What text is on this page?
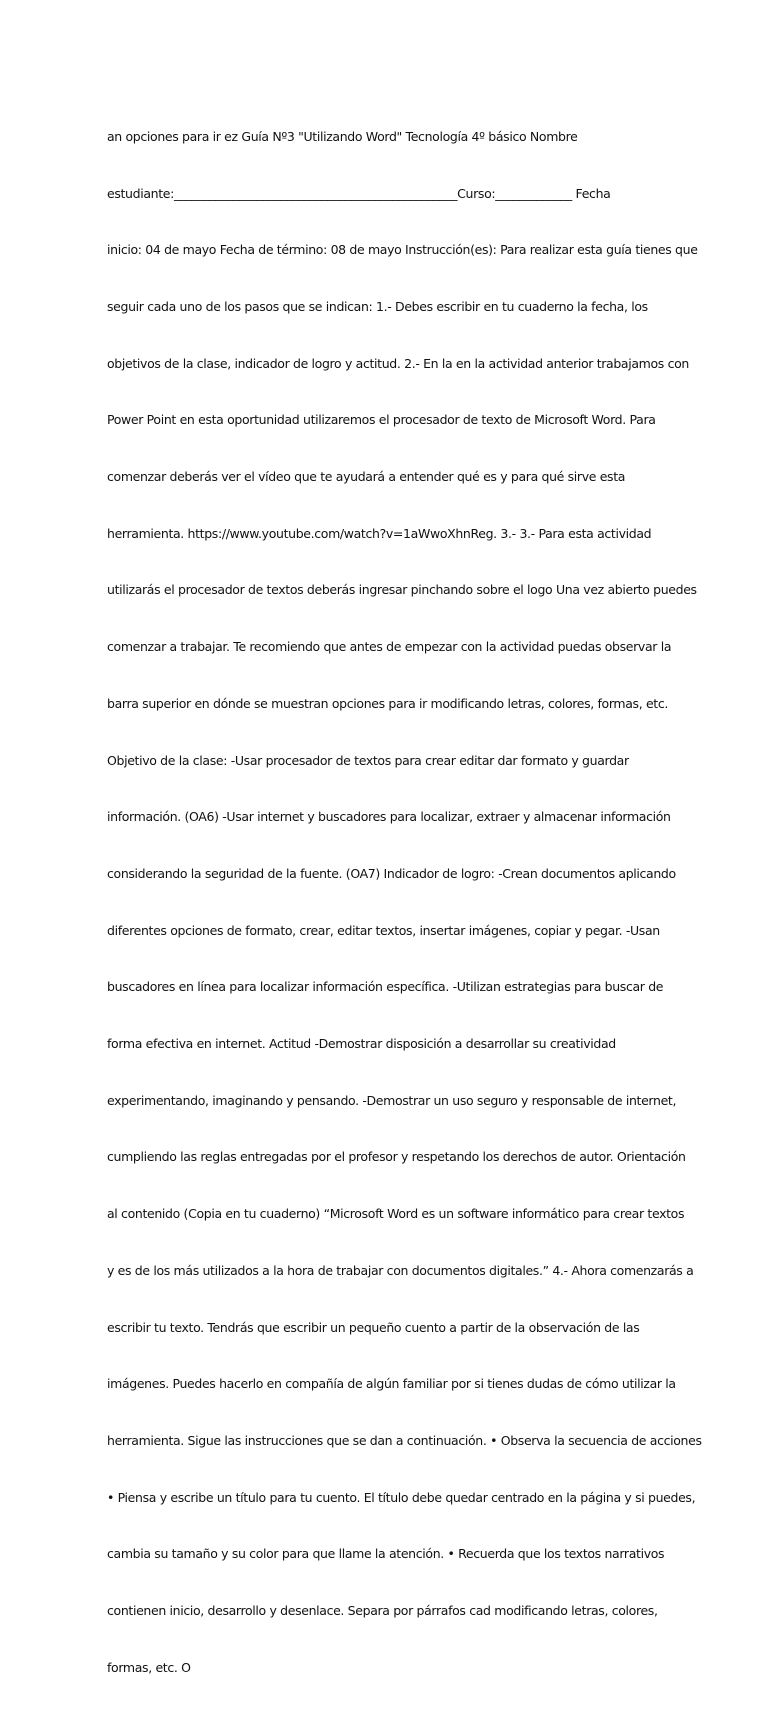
an opciones para ir ez Guía Nº3 "Utilizando Word" Tecnología 4º básico Nombre

estudiante:________________________________________________Curso:_____________ Fecha

inicio: 04 de mayo Fecha de término: 08 de mayo Instrucción(es): Para realizar esta guía tienes que

seguir cada uno de los pasos que se indican: 1.- Debes escribir en tu cuaderno la fecha, los

objetivos de la clase, indicador de logro y actitud. 2.- En la en la actividad anterior trabajamos con

Power Point en esta oportunidad utilizaremos el procesador de texto de Microsoft Word. Para

comenzar deberás ver el vídeo que te ayudará a entender qué es y para qué sirve esta

herramienta. https://www.youtube.com/watch?v=1aWwoXhnReg. 3.- 3.- Para esta actividad

utilizarás el procesador de textos deberás ingresar pinchando sobre el logo Una vez abierto puedes

comenzar a trabajar. Te recomiendo que antes de empezar con la actividad puedas observar la

barra superior en dónde se muestran opciones para ir modificando letras, colores, formas, etc.

Objetivo de la clase: -Usar procesador de textos para crear editar dar formato y guardar

información. (OA6) -Usar internet y buscadores para localizar, extraer y almacenar información

considerando la seguridad de la fuente. (OA7) Indicador de logro: -Crean documentos aplicando

diferentes opciones de formato, crear, editar textos, insertar imágenes, copiar y pegar. -Usan

buscadores en línea para localizar información específica. -Utilizan estrategias para buscar de

forma efectiva en internet. Actitud -Demostrar disposición a desarrollar su creatividad

experimentando, imaginando y pensando. -Demostrar un uso seguro y responsable de internet,

cumpliendo las reglas entregadas por el profesor y respetando los derechos de autor. Orientación

al contenido (Copia en tu cuaderno) “Microsoft Word es un software informático para crear textos

y es de los más utilizados a la hora de trabajar con documentos digitales.” 4.- Ahora comenzarás a

escribir tu texto. Tendrás que escribir un pequeño cuento a partir de la observación de las

imágenes. Puedes hacerlo en compañía de algún familiar por si tienes dudas de cómo utilizar la

herramienta. Sigue las instrucciones que se dan a continuación. • Observa la secuencia de acciones

• Piensa y escribe un título para tu cuento. El título debe quedar centrado en la página y si puedes,

cambia su tamaño y su color para que llame la atención. • Recuerda que los textos narrativos

contienen inicio, desarrollo y desenlace. Separa por párrafos cad modificando letras, colores,

formas, etc. O
